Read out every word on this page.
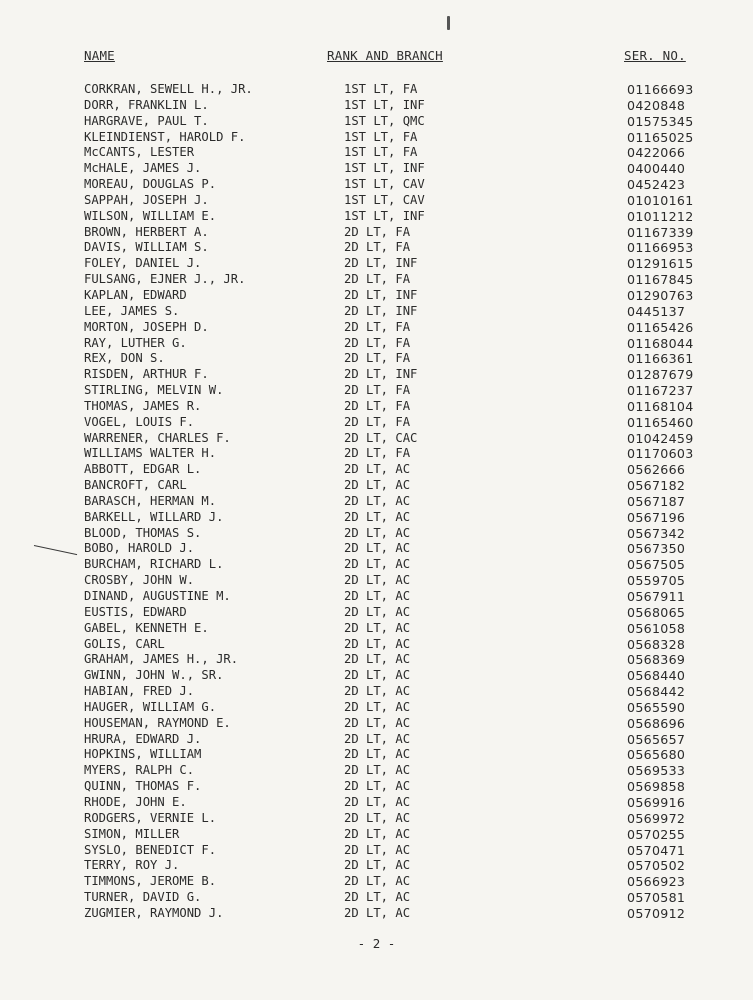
NAME	RANK AND BRANCH	SER. NO.
CORKRAN, SEWELL H., JR.	1ST LT, FA	01166693
DORR, FRANKLIN L.	1ST LT, INF	0420848
HARGRAVE, PAUL T.	1ST LT, QMC	01575345
KLEINDIENST, HAROLD F.	1ST LT, FA	01165025
McCANTS, LESTER	1ST LT, FA	0422066
McHALE, JAMES J.	1ST LT, INF	0400440
MOREAU, DOUGLAS P.	1ST LT, CAV	0452423
SAPPAH, JOSEPH J.	1ST LT, CAV	01010161
WILSON, WILLIAM E.	1ST LT, INF	01011212
BROWN, HERBERT A.	2D LT, FA	01167339
DAVIS, WILLIAM S.	2D LT, FA	01166953
FOLEY, DANIEL J.	2D LT, INF	01291615
FULSANG, EJNER J., JR.	2D LT, FA	01167845
KAPLAN, EDWARD	2D LT, INF	01290763
LEE, JAMES S.	2D LT, INF	0445137
MORTON, JOSEPH D.	2D LT, FA	01165426
RAY, LUTHER G.	2D LT, FA	01168044
REX, DON S.	2D LT, FA	01166361
RISDEN, ARTHUR F.	2D LT, INF	01287679
STIRLING, MELVIN W.	2D LT, FA	01167237
THOMAS, JAMES R.	2D LT, FA	01168104
VOGEL, LOUIS F.	2D LT, FA	01165460
WARRENER, CHARLES F.	2D LT, CAC	01042459
WILLIAMS WALTER H.	2D LT, FA	01170603
ABBOTT, EDGAR L.	2D LT, AC	0562666
BANCROFT, CARL	2D LT, AC	0567182
BARASCH, HERMAN M.	2D LT, AC	0567187
BARKELL, WILLARD J.	2D LT, AC	0567196
BLOOD, THOMAS S.	2D LT, AC	0567342
BOBO, HAROLD J.	2D LT, AC	0567350
BURCHAM, RICHARD L.	2D LT, AC	0567505
CROSBY, JOHN W.	2D LT, AC	0559705
DINAND, AUGUSTINE M.	2D LT, AC	0567911
EUSTIS, EDWARD	2D LT, AC	0568065
GABEL, KENNETH E.	2D LT, AC	0561058
GOLIS, CARL	2D LT, AC	0568328
GRAHAM, JAMES H., JR.	2D LT, AC	0568369
GWINN, JOHN W., SR.	2D LT, AC	0568440
HABIAN, FRED J.	2D LT, AC	0568442
HAUGER, WILLIAM G.	2D LT, AC	0565590
HOUSEMAN, RAYMOND E.	2D LT, AC	0568696
HRURA, EDWARD J.	2D LT, AC	0565657
HOPKINS, WILLIAM	2D LT, AC	0565680
MYERS, RALPH C.	2D LT, AC	0569533
QUINN, THOMAS F.	2D LT, AC	0569858
RHODE, JOHN E.	2D LT, AC	0569916
RODGERS, VERNIE L.	2D LT, AC	0569972
SIMON, MILLER	2D LT, AC	0570255
SYSLO, BENEDICT F.	2D LT, AC	0570471
TERRY, ROY J.	2D LT, AC	0570502
TIMMONS, JEROME B.	2D LT, AC	0566923
TURNER, DAVID G.	2D LT, AC	0570581
ZUGMIER, RAYMOND J.	2D LT, AC	0570912
- 2 -
